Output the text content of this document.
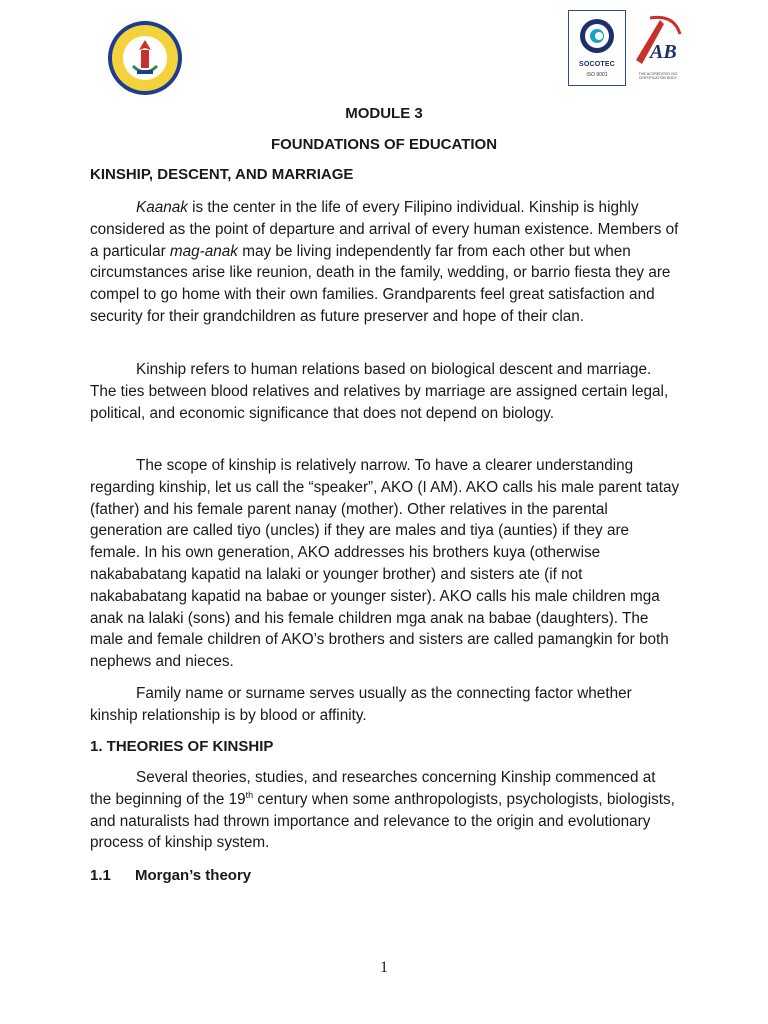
SOCOTEC
ISO 9001
AB
THE ACCREDITED ISO CERTIFICATION BODY
MODULE 3
FOUNDATIONS OF EDUCATION
KINSHIP, DESCENT, AND MARRIAGE

Kaanak is the center in the life of every Filipino individual. Kinship is highly considered as the point of departure and arrival of every human existence. Members of a particular mag-anak may be living independently far from each other but when circumstances arise like reunion, death in the family, wedding, or barrio fiesta they are compel to go home with their own families. Grandparents feel great satisfaction and security for their grandchildren as future preserver and hope of their clan.

Kinship refers to human relations based on biological descent and marriage. The ties between blood relatives and relatives by marriage are assigned certain legal, political, and economic significance that does not depend on biology.

The scope of kinship is relatively narrow. To have a clearer understanding regarding kinship, let us call the “speaker”, AKO (I AM). AKO calls his male parent tatay (father) and his female parent nanay (mother). Other relatives in the parental generation are called tiyo (uncles) if they are males and tiya (aunties) if they are female. In his own generation, AKO addresses his brothers kuya (otherwise nakababatang kapatid na lalaki or younger brother) and sisters ate (if not nakababatang kapatid na babae or younger sister). AKO calls his male children mga anak na lalaki (sons) and his female children mga anak na babae (daughters). The male and female children of AKO’s brothers and sisters are called pamangkin for both nephews and nieces.

Family name or surname serves usually as the connecting factor whether kinship relationship is by blood or affinity.

1. THEORIES OF KINSHIP

Several theories, studies, and researches concerning Kinship commenced at the beginning of the 19th century when some anthropologists, psychologists, biologists, and naturalists had thrown importance and relevance to the origin and evolutionary process of kinship system.

1.1 Morgan’s theory
1
